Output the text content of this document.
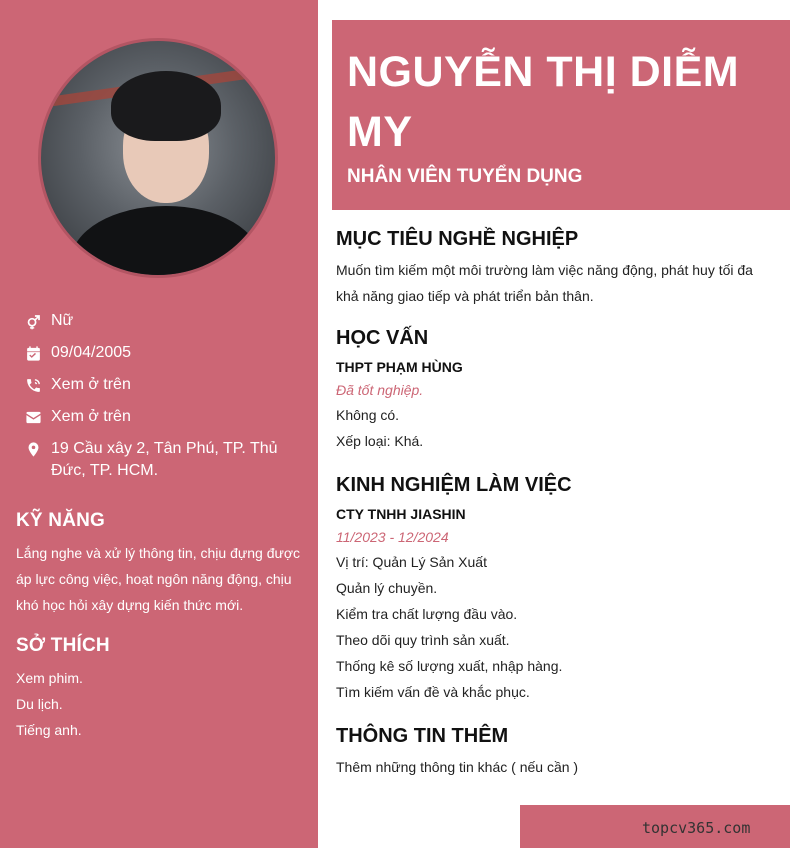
Nữ
09/04/2005
Xem ở trên
Xem ở trên
19 Cầu xây 2, Tân Phú, TP. Thủ Đức, TP. HCM.
KỸ NĂNG
Lắng nghe và xử lý thông tin, chịu đựng được áp lực công việc, hoạt ngôn năng động, chịu khó học hỏi xây dựng kiến thức mới.
SỞ THÍCH
Xem phim.
Du lịch.
Tiếng anh.
NGUYỄN THỊ DIỄM MY
NHÂN VIÊN TUYỂN DỤNG
MỤC TIÊU NGHỀ NGHIỆP
Muốn tìm kiếm một môi trường làm việc năng động, phát huy tối đa khả năng giao tiếp và phát triển bản thân.
HỌC VẤN
THPT PHẠM HÙNG
Đã tốt nghiệp.
Không có.
Xếp loại: Khá.
KINH NGHIỆM LÀM VIỆC
CTY TNHH JIASHIN
11/2023 - 12/2024
Vị trí: Quản Lý Sản Xuất
Quản lý chuyền.
Kiểm tra chất lượng đầu vào.
Theo dõi quy trình sản xuất.
Thống kê số lượng xuất, nhập hàng.
Tìm kiếm vấn đề và khắc phục.
THÔNG TIN THÊM
Thêm những thông tin khác ( nếu cần )
topcv365.com
